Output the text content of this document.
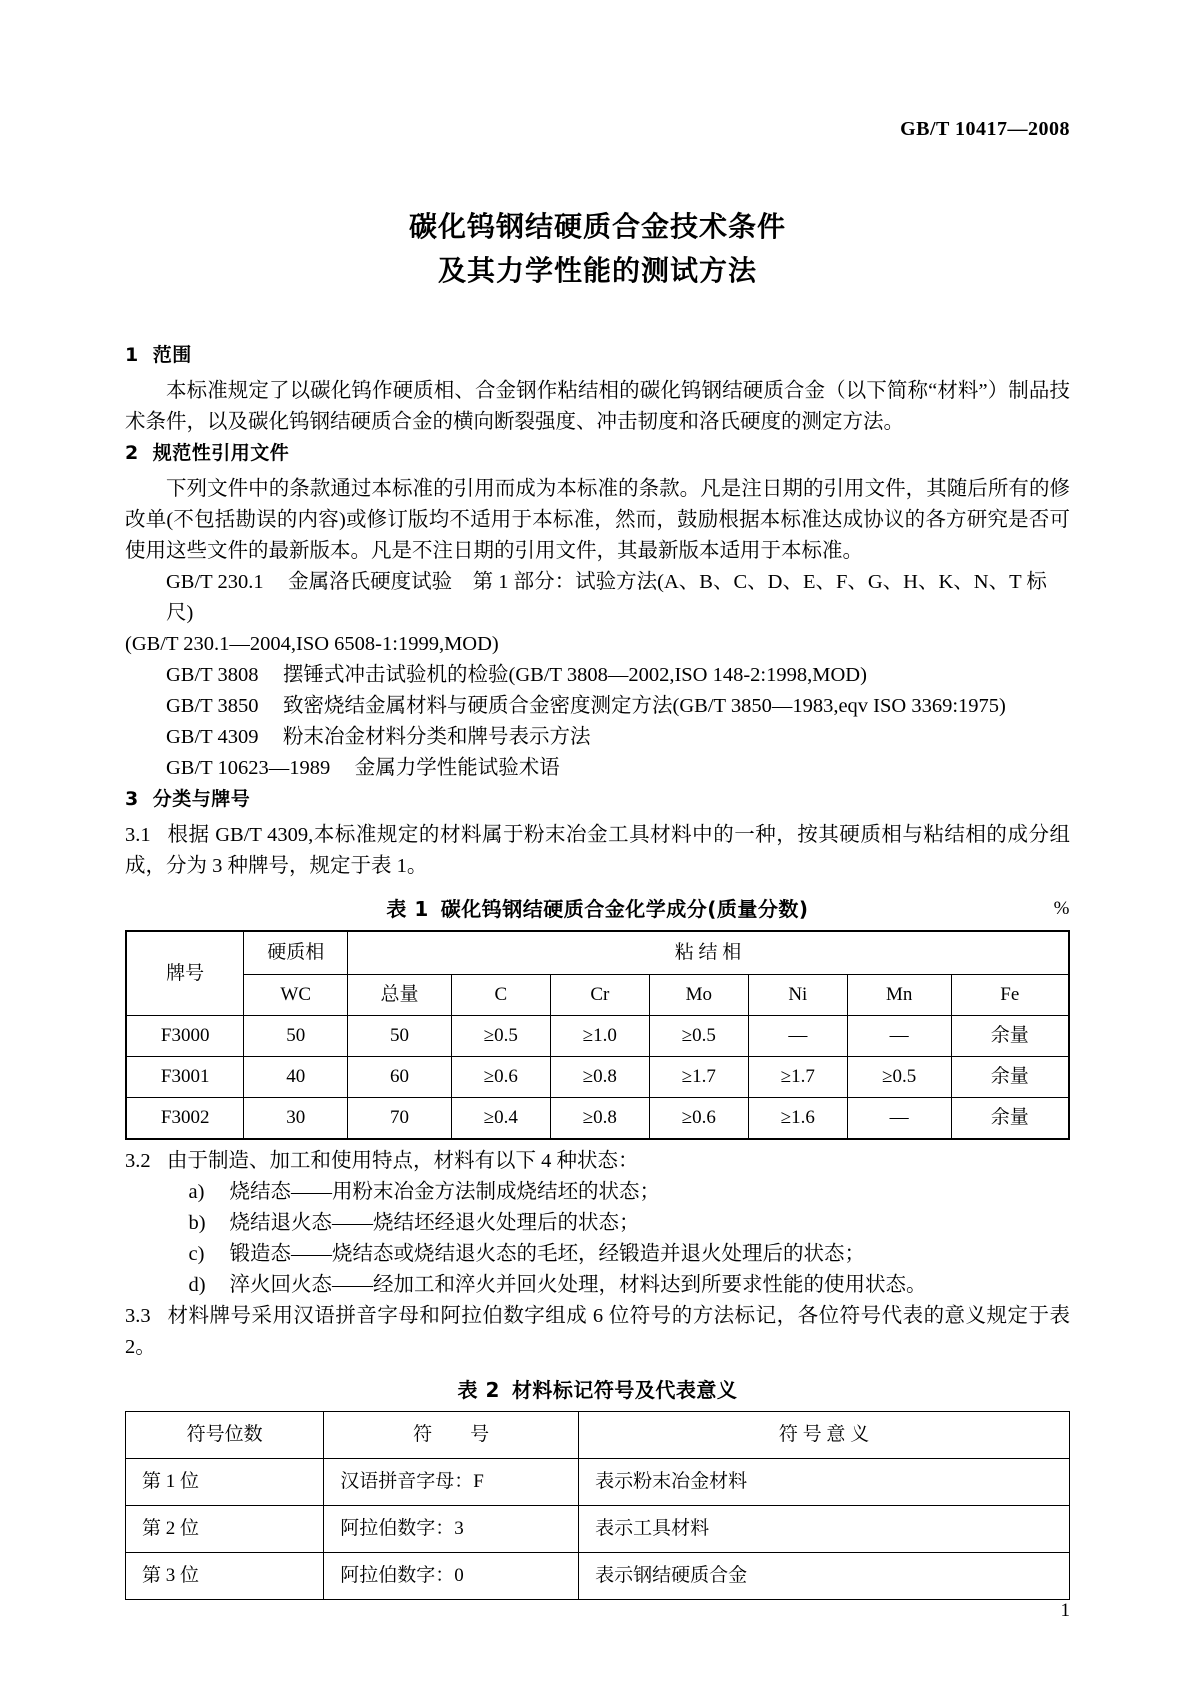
GB/T 10417—2008
碳化钨钢结硬质合金技术条件
及其力学性能的测试方法
1 范围

本标准规定了以碳化钨作硬质相、合金钢作粘结相的碳化钨钢结硬质合金（以下简称“材料”）制品技术条件，以及碳化钨钢结硬质合金的横向断裂强度、冲击韧度和洛氏硬度的测定方法。

2 规范性引用文件

下列文件中的条款通过本标准的引用而成为本标准的条款。凡是注日期的引用文件，其随后所有的修改单(不包括勘误的内容)或修订版均不适用于本标准，然而，鼓励根据本标准达成协议的各方研究是否可使用这些文件的最新版本。凡是不注日期的引用文件，其最新版本适用于本标准。

GB/T 230.1 金属洛氏硬度试验　第 1 部分：试验方法(A、B、C、D、E、F、G、H、K、N、T 标尺)

(GB/T 230.1—2004,ISO 6508-1:1999,MOD)

GB/T 3808 摆锤式冲击试验机的检验(GB/T 3808—2002,ISO 148-2:1998,MOD)

GB/T 3850 致密烧结金属材料与硬质合金密度测定方法(GB/T 3850—1983,eqv ISO 3369:1975)

GB/T 4309 粉末冶金材料分类和牌号表示方法

GB/T 10623—1989 金属力学性能试验术语

3 分类与牌号

3.1 根据 GB/T 4309,本标准规定的材料属于粉末冶金工具材料中的一种，按其硬质相与粘结相的成分组成，分为 3 种牌号，规定于表 1。

表 1 碳化钨钢结硬质合金化学成分(质量分数)	%
牌号	硬质相	粘 结 相						
	WC	总量	C	Cr	Mo	Ni	Mn	Fe
F3000	50	50	≥0.5	≥1.0	≥0.5	—	—	余量
F3001	40	60	≥0.6	≥0.8	≥1.7	≥1.7	≥0.5	余量
F3002	30	70	≥0.4	≥0.8	≥0.6	≥1.6	—	余量

3.2 由于制造、加工和使用特点，材料有以下 4 种状态：

a) 烧结态——用粉末冶金方法制成烧结坯的状态；

b) 烧结退火态——烧结坯经退火处理后的状态；

c) 锻造态——烧结态或烧结退火态的毛坯，经锻造并退火处理后的状态；

d) 淬火回火态——经加工和淬火并回火处理，材料达到所要求性能的使用状态。

3.3 材料牌号采用汉语拼音字母和阿拉伯数字组成 6 位符号的方法标记，各位符号代表的意义规定于表 2。

表 2 材料标记符号及代表意义
符号位数	符　　号	符 号 意 义
第 1 位	汉语拼音字母：F	表示粉末冶金材料
第 2 位	阿拉伯数字：3	表示工具材料
第 3 位	阿拉伯数字：0	表示钢结硬质合金
1
